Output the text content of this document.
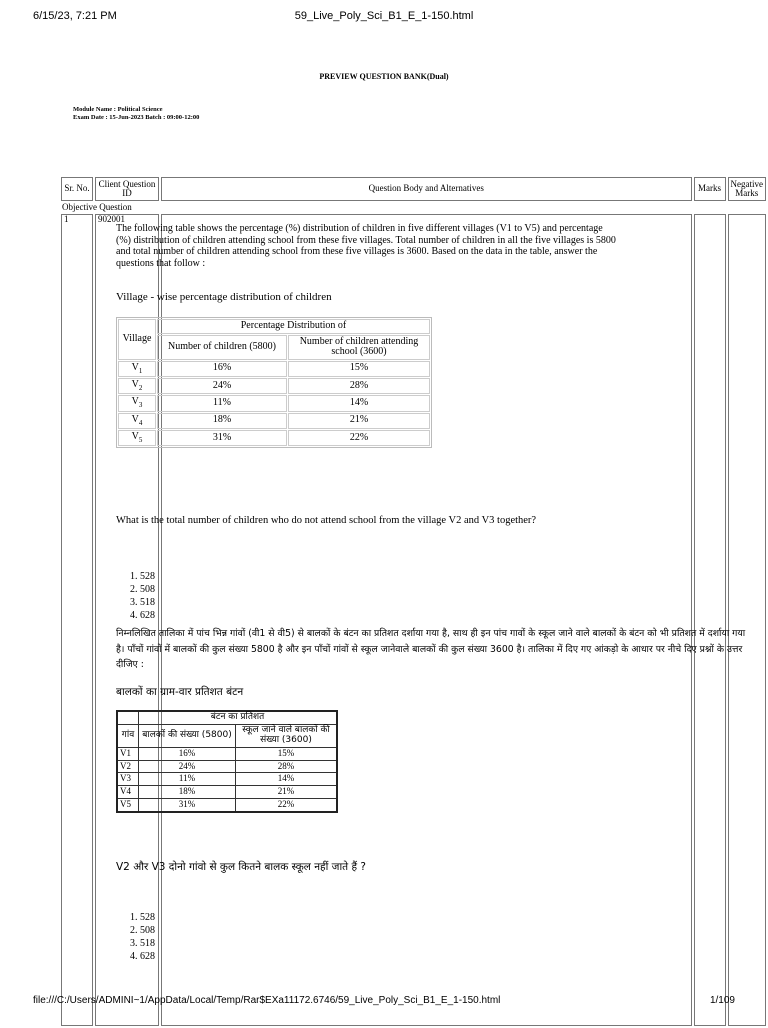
6/15/23, 7:21 PM	59_Live_Poly_Sci_B1_E_1-150.html
PREVIEW QUESTION BANK(Dual)
Module Name : Political Science
Exam Date : 15-Jun-2023 Batch : 09:00-12:00
Sr. No.	Client Question ID	Question Body and Alternatives	Marks	Negative Marks
Objective Question				
1	902001			
The following table shows the percentage (%) distribution of children in five different villages (V1 to V5) and percentage (%) distribution of children attending school from these five villages. Total number of children in all the five villages is 5800 and total number of children attending school from these five villages is 3600. Based on the data in the table, answer the questions that follow :
Village - wise percentage distribution of children
Village	Percentage Distribution of	
	Number of children (5800)	Number of children attending school (3600)
$V_1$	16%	15%
$V_2$	24%	28%
$V_3$	11%	14%
$V_4$	18%	21%
$V_5$	31%	22%
What is the total number of children who do not attend school from the village V2 and V3 together?
1. 528
2. 508
3. 518
4. 628
निम्नलिखित तालिका में पांच भिन्न गांवों (वी1 से वी5) से बालकों के बंटन का प्रतिशत दर्शाया गया है, साथ ही इन पांच गावों के स्कूल जाने वाले बालकों के बंटन को भी प्रतिशत में दर्शाया गया है। पाँचों गांवों में बालकों की कुल संख्या 5800 है और इन पाँचों गांवों से स्कूल जानेवाले बालकों की कुल संख्या 3600 है। तालिका में दिए गए आंकड़ो के आधार पर नीचे दिए प्रश्नों के उत्तर दीजिए :
बालकों का ग्राम-वार प्रतिशत बंटन
	बंटन का प्रतिशत	
गांव	बालकों की संख्या (5800)	स्कूल जाने वाले बालकों की संख्या (3600)
V1	16%	15%
V2	24%	28%
V3	11%	14%
V4	18%	21%
V5	31%	22%
V2 और V3 दोनो गांवो से कुल कितने बालक स्कूल नहीं जाते हैं ?
1. 528
2. 508
3. 518
4. 628
file:///C:/Users/ADMINI~1/AppData/Local/Temp/Rar$EXa11172.6746/59_Live_Poly_Sci_B1_E_1-150.html	1/109
